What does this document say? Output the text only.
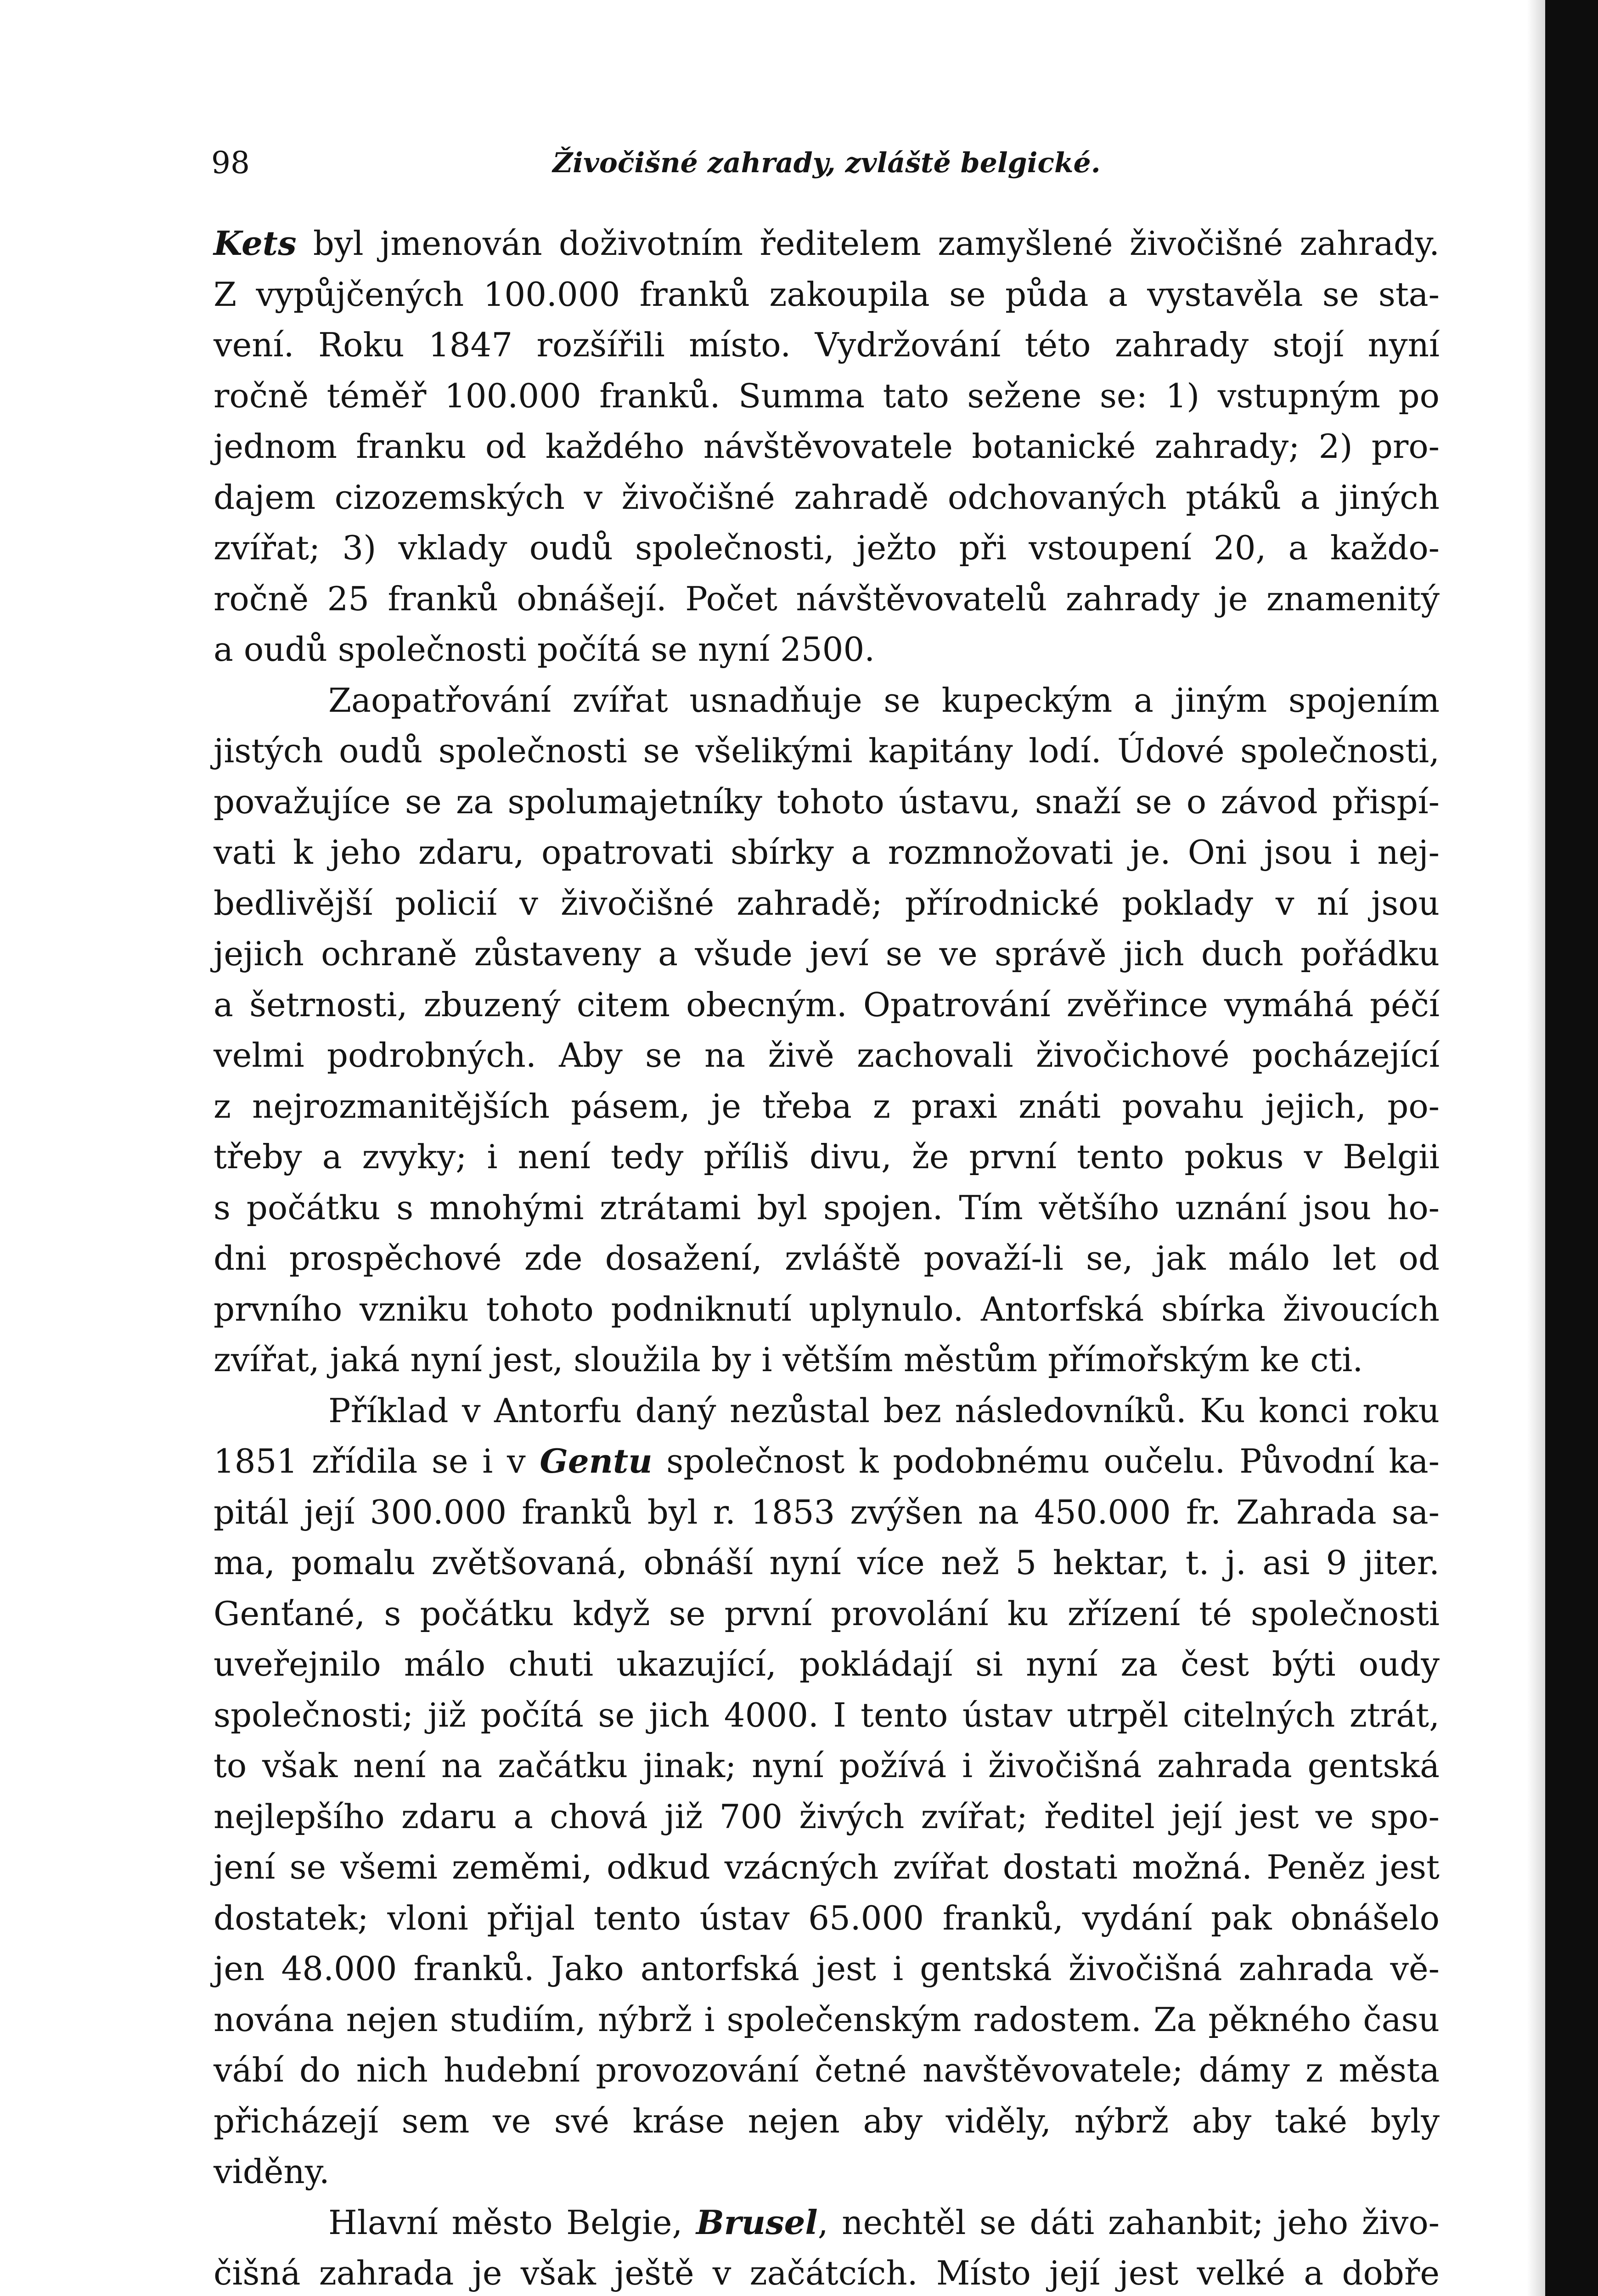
98	Živočišné zahrady, zvláště belgické.
Kets byl jmenován doživotním ředitelem zamyšlené živočišné zahrady.
Z vypůjčených 100.000 franků zakoupila se půda a vystavěla se sta-
vení. Roku 1847 rozšířili místo. Vydržování této zahrady stojí nyní
ročně téměř 100.000 franků. Summa tato sežene se: 1) vstupným po
jednom franku od každého návštěvovatele botanické zahrady; 2) pro-
dajem cizozemských v živočišné zahradě odchovaných ptáků a jiných
zvířat; 3) vklady oudů společnosti, ježto při vstoupení 20, a každo-
ročně 25 franků obnášejí. Počet návštěvovatelů zahrady je znamenitý
a oudů společnosti počítá se nyní 2500.
Zaopatřování zvířat usnadňuje se kupeckým a jiným spojením
jistých oudů společnosti se všelikými kapitány lodí. Údové společnosti,
považujíce se za spolumajetníky tohoto ústavu, snaží se o závod přispí-
vati k jeho zdaru, opatrovati sbírky a rozmnožovati je. Oni jsou i nej-
bedlivější policií v živočišné zahradě; přírodnické poklady v ní jsou
jejich ochraně zůstaveny a všude jeví se ve správě jich duch pořádku
a šetrnosti, zbuzený citem obecným. Opatrování zvěřince vymáhá péčí
velmi podrobných. Aby se na živě zachovali živočichové pocházející
z nejrozmanitějších pásem, je třeba z praxi znáti povahu jejich, po-
třeby a zvyky; i není tedy příliš divu, že první tento pokus v Belgii
s počátku s mnohými ztrátami byl spojen. Tím většího uznání jsou ho-
dni prospěchové zde dosažení, zvláště považí-li se, jak málo let od
prvního vzniku tohoto podniknutí uplynulo. Antorfská sbírka živoucích
zvířat, jaká nyní jest, sloužila by i větším městům přímořským ke cti.
Příklad v Antorfu daný nezůstal bez následovníků. Ku konci roku
1851 zřídila se i v Gentu společnost k podobnému oučelu. Původní ka-
pitál její 300.000 franků byl r. 1853 zvýšen na 450.000 fr. Zahrada sa-
ma, pomalu zvětšovaná, obnáší nyní více než 5 hektar, t. j. asi 9 jiter.
Genťané, s počátku když se první provolání ku zřízení té společnosti
uveřejnilo málo chuti ukazující, pokládají si nyní za čest býti oudy
společnosti; již počítá se jich 4000. I tento ústav utrpěl citelných ztrát,
to však není na začátku jinak; nyní požívá i živočišná zahrada gentská
nejlepšího zdaru a chová již 700 živých zvířat; ředitel její jest ve spo-
jení se všemi zeměmi, odkud vzácných zvířat dostati možná. Peněz jest
dostatek; vloni přijal tento ústav 65.000 franků, vydání pak obnášelo
jen 48.000 franků. Jako antorfská jest i gentská živočišná zahrada vě-
nována nejen studiím, nýbrž i společenským radostem. Za pěkného času
vábí do nich hudební provozování četné navštěvovatele; dámy z města
přicházejí sem ve své kráse nejen aby viděly, nýbrž aby také byly
viděny.
Hlavní město Belgie, Brusel, nechtěl se dáti zahanbit; jeho živo-
čišná zahrada je však ještě v začátcích. Místo její jest velké a dobře
